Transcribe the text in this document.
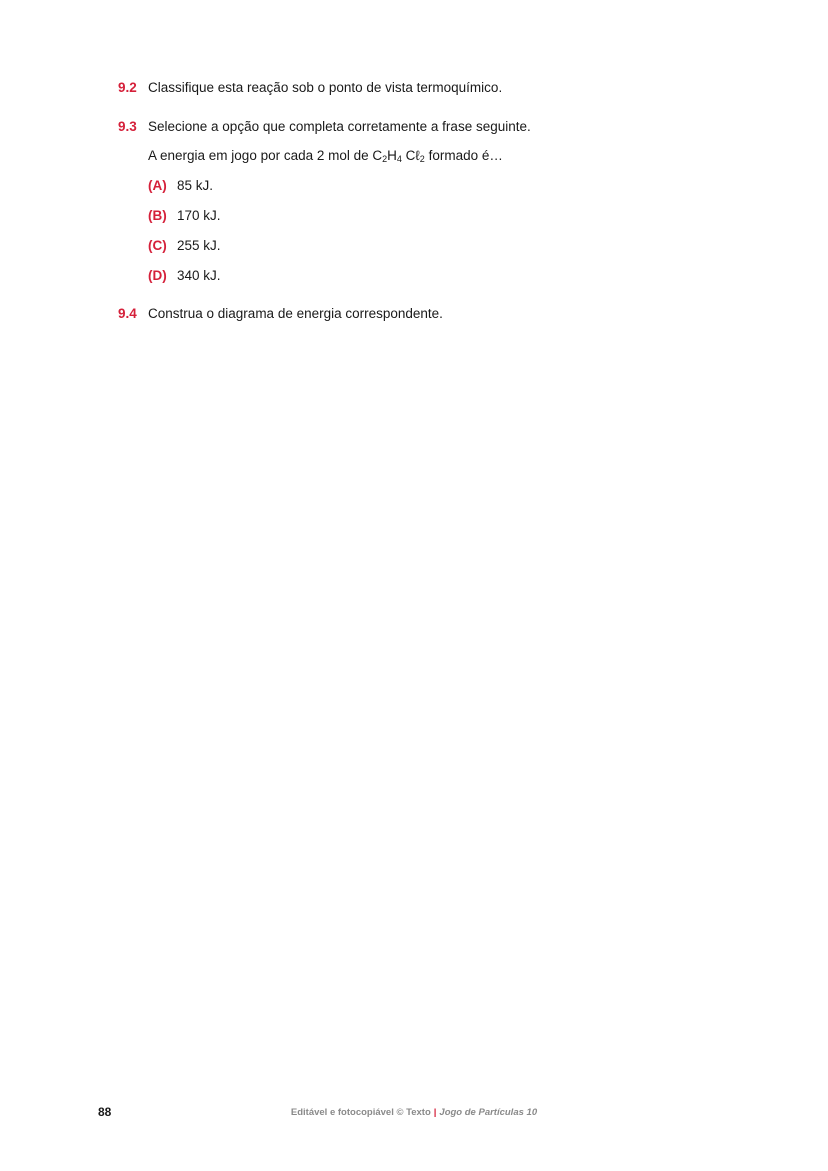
9.2 Classifique esta reação sob o ponto de vista termoquímico.
9.3 Selecione a opção que completa corretamente a frase seguinte.
A energia em jogo por cada 2 mol de $C_2H_4$ Cℓ$_2$ formado é…
(A) 85 kJ.
(B) 170 kJ.
(C) 255 kJ.
(D) 340 kJ.
9.4 Construa o diagrama de energia correspondente.
88	Editável e fotocopiável © Texto | Jogo de Partículas 10
